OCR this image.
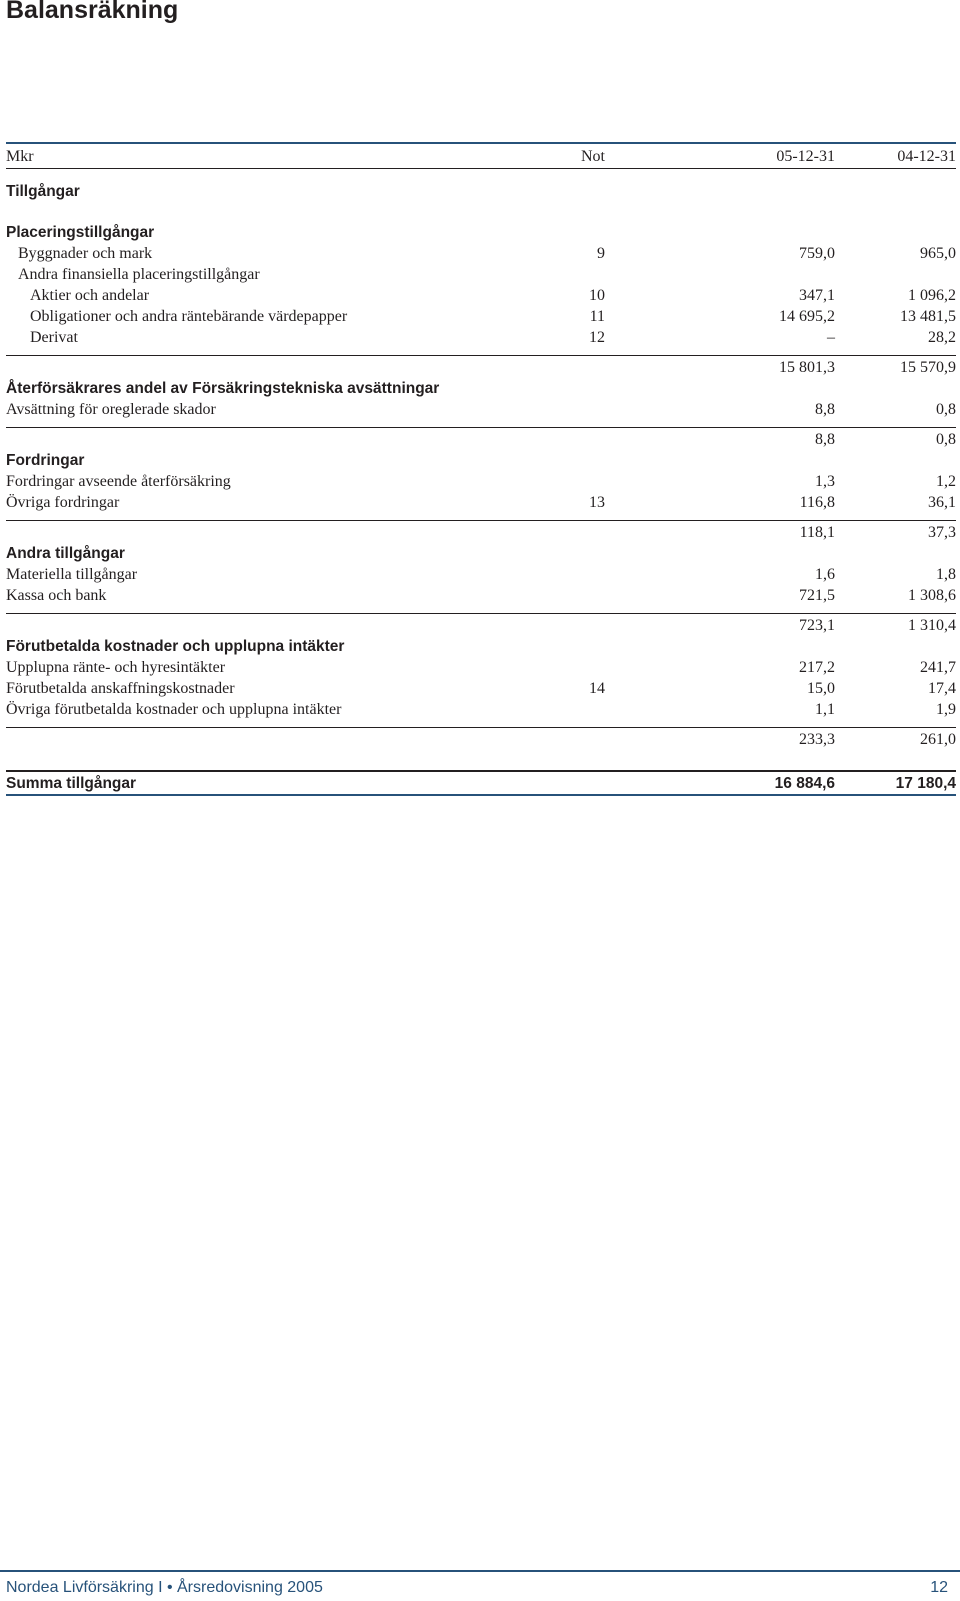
Balansräkning
Mkr	Not	05-12-31	04-12-31
Tillgångar
Placeringstillgångar
Byggnader och mark	9	759,0	965,0
Andra finansiella placeringstillgångar
Aktier och andelar	10	347,1	1 096,2
Obligationer och andra räntebärande värdepapper	11	14 695,2	13 481,5
Derivat	12	–	28,2
15 801,3	15 570,9
Återförsäkrares andel av Försäkringstekniska avsättningar
Avsättning för oreglerade skador	8,8	0,8
8,8	0,8
Fordringar
Fordringar avseende återförsäkring	1,3	1,2
Övriga fordringar	13	116,8	36,1
118,1	37,3
Andra tillgångar
Materiella tillgångar	1,6	1,8
Kassa och bank	721,5	1 308,6
723,1	1 310,4
Förutbetalda kostnader och upplupna intäkter
Upplupna ränte- och hyresintäkter	217,2	241,7
Förutbetalda anskaffningskostnader	14	15,0	17,4
Övriga förutbetalda kostnader och upplupna intäkter	1,1	1,9
233,3	261,0
Summa tillgångar	16 884,6	17 180,4
Nordea Livförsäkring I • Årsredovisning 2005	12
